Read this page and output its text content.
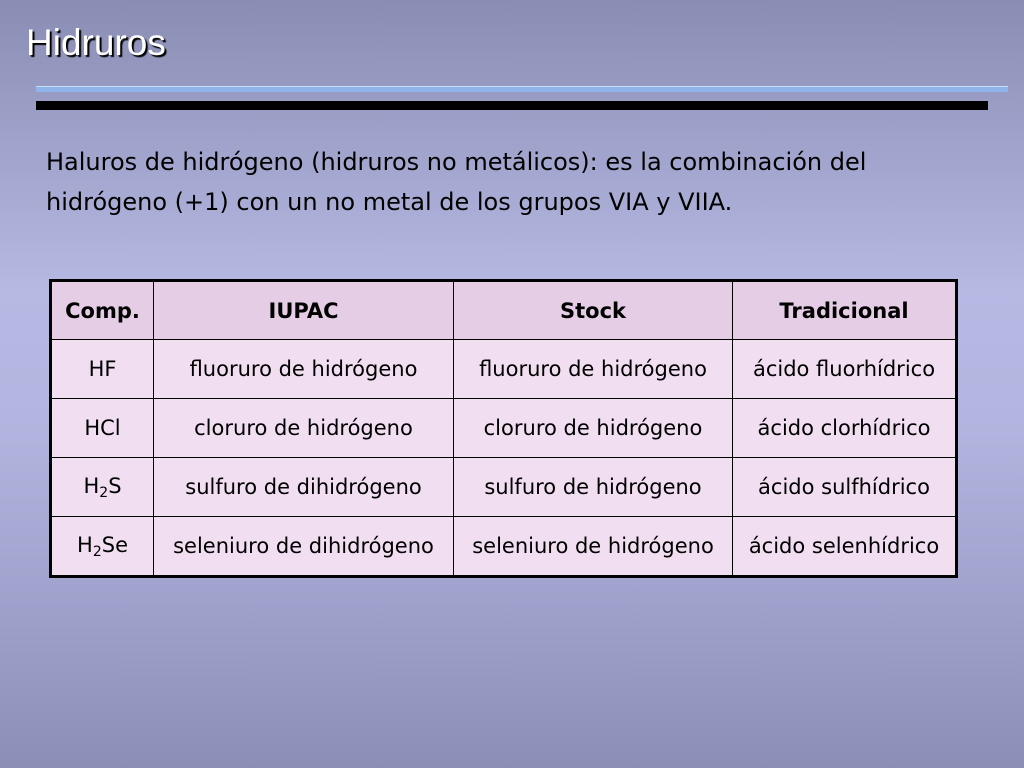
Hidruros

Haluros de hidrógeno (hidruros no metálicos): es la combinación del hidrógeno (+1) con un no metal de los grupos VIA y VIIA.

Comp.	IUPAC	Stock	Tradicional
HF	fluoruro de hidrógeno	fluoruro de hidrógeno	ácido fluorhídrico
HCl	cloruro de hidrógeno	cloruro de hidrógeno	ácido clorhídrico
$H_2S$	sulfuro de dihidrógeno	sulfuro de hidrógeno	ácido sulfhídrico
$H_2Se$	seleniuro de dihidrógeno	seleniuro de hidrógeno	ácido selenhídrico
